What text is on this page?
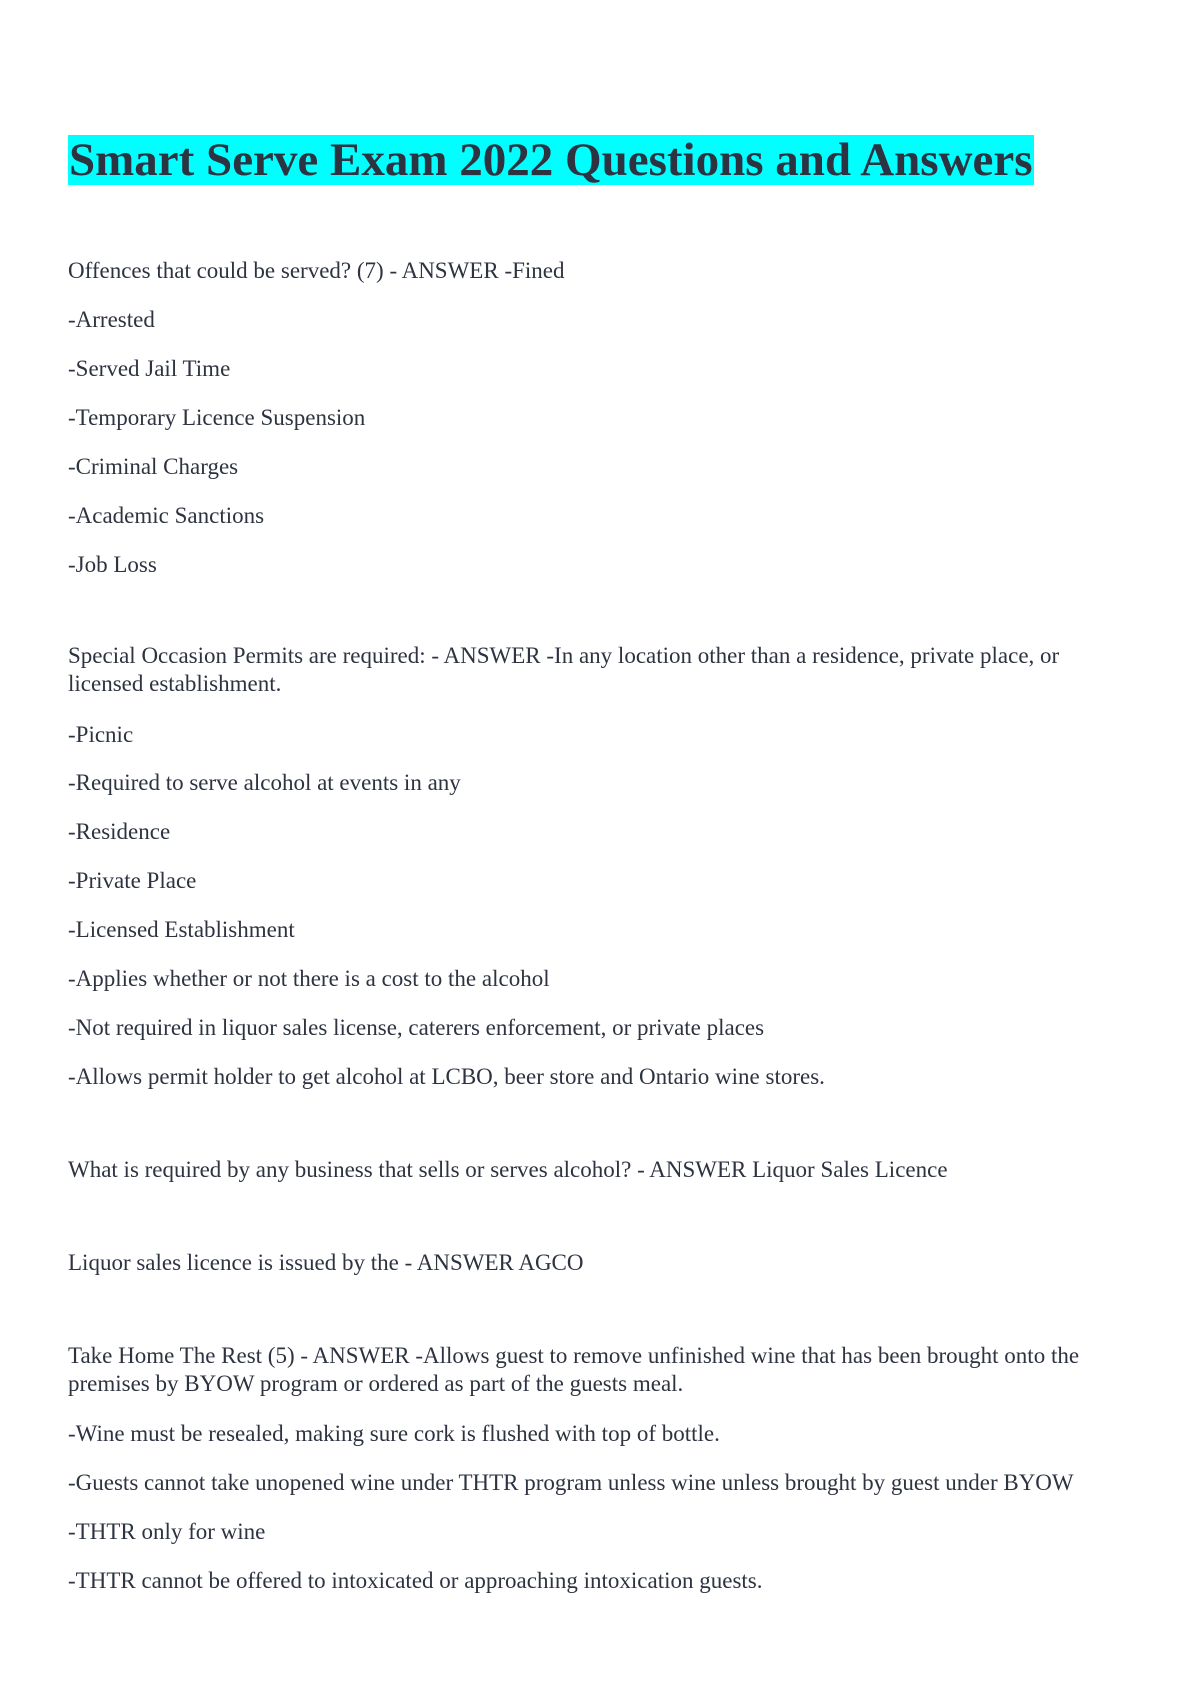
Smart Serve Exam 2022 Questions and Answers

Offences that could be served? (7) - ANSWER -Fined

-Arrested

-Served Jail Time

-Temporary Licence Suspension

-Criminal Charges

-Academic Sanctions

-Job Loss

Special Occasion Permits are required: - ANSWER -In any location other than a residence, private place, or licensed establishment.

-Picnic

-Required to serve alcohol at events in any

-Residence

-Private Place

-Licensed Establishment

-Applies whether or not there is a cost to the alcohol

-Not required in liquor sales license, caterers enforcement, or private places

-Allows permit holder to get alcohol at LCBO, beer store and Ontario wine stores.

What is required by any business that sells or serves alcohol? - ANSWER Liquor Sales Licence

Liquor sales licence is issued by the - ANSWER AGCO

Take Home The Rest (5) - ANSWER -Allows guest to remove unfinished wine that has been brought onto the premises by BYOW program or ordered as part of the guests meal.

-Wine must be resealed, making sure cork is flushed with top of bottle.

-Guests cannot take unopened wine under THTR program unless wine unless brought by guest under BYOW

-THTR only for wine

-THTR cannot be offered to intoxicated or approaching intoxication guests.
